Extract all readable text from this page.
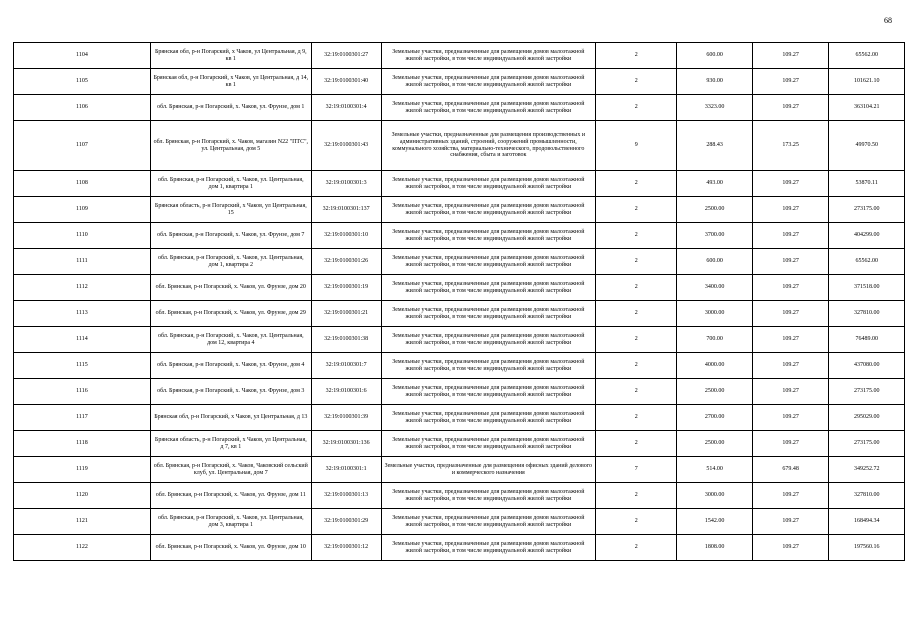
68
1104	Брянская обл, р-н Погарский, х Чаков, ул Центральная, д 9, кв 1	32:19:0100301:27	Земельные участки, предназначенные для размещения домов малоэтажной жилой застройки, в том числе индивидуальной жилой застройки	2	600.00	109.27	65562.00
1105	Брянская обл, р-н Погарский, х Чаков, ул Центральная, д 14, кв 1	32:19:0100301:40	Земельные участки, предназначенные для размещения домов малоэтажной жилой застройки, в том числе индивидуальной жилой застройки	2	930.00	109.27	101621.10
1106	обл. Брянская, р-н Погарский, х. Чаков, ул. Фрунзе, дом 1	32:19:0100301:4	Земельные участки, предназначенные для размещения домов малоэтажной жилой застройки, в том числе индивидуальной жилой застройки	2	3323.00	109.27	363104.21
1107	обл. Брянская, р-н Погарский, х. Чаков, магазин N22 "ПТС", ул. Центральная, дом 5	32:19:0100301:43	Земельные участки, предназначенные для размещения производственных и административных зданий, строений, сооружений промышленности, коммунального хозяйства, материально-технического, продовольственного снабжения, сбыта и заготовок	9	288.43	173.25	49970.50
1108	обл. Брянская, р-н Погарский, х. Чаков, ул. Центральная, дом 1, квартира 1	32:19:0100301:3	Земельные участки, предназначенные для размещения домов малоэтажной жилой застройки, в том числе индивидуальной жилой застройки	2	493.00	109.27	53870.11
1109	Брянская область, р-н Погарский, х Чаков, ул Центральная, 15	32:19:0100301:137	Земельные участки, предназначенные для размещения домов малоэтажной жилой застройки, в том числе индивидуальной жилой застройки	2	2500.00	109.27	273175.00
1110	обл. Брянская, р-н Погарский, х. Чаков, ул. Фрунзе, дом 7	32:19:0100301:10	Земельные участки, предназначенные для размещения домов малоэтажной жилой застройки, в том числе индивидуальной жилой застройки	2	3700.00	109.27	404299.00
1111	обл. Брянская, р-н Погарский, х. Чаков, ул. Центральная, дом 1, квартира 2	32:19:0100301:26	Земельные участки, предназначенные для размещения домов малоэтажной жилой застройки, в том числе индивидуальной жилой застройки	2	600.00	109.27	65562.00
1112	обл. Брянская, р-н Погарский, х. Чаков, ул. Фрунзе, дом 20	32:19:0100301:19	Земельные участки, предназначенные для размещения домов малоэтажной жилой застройки, в том числе индивидуальной жилой застройки	2	3400.00	109.27	371518.00
1113	обл. Брянская, р-н Погарский, х. Чаков, ул. Фрунзе, дом 29	32:19:0100301:21	Земельные участки, предназначенные для размещения домов малоэтажной жилой застройки, в том числе индивидуальной жилой застройки	2	3000.00	109.27	327810.00
1114	обл. Брянская, р-н Погарский, х. Чаков, ул. Центральная, дом 12, квартира 4	32:19:0100301:38	Земельные участки, предназначенные для размещения домов малоэтажной жилой застройки, в том числе индивидуальной жилой застройки	2	700.00	109.27	76489.00
1115	обл. Брянская, р-н Погарский, х. Чаков, ул. Фрунзе, дом 4	32:19:0100301:7	Земельные участки, предназначенные для размещения домов малоэтажной жилой застройки, в том числе индивидуальной жилой застройки	2	4000.00	109.27	437080.00
1116	обл. Брянская, р-н Погарский, х. Чаков, ул. Фрунзе, дом 3	32:19:0100301:6	Земельные участки, предназначенные для размещения домов малоэтажной жилой застройки, в том числе индивидуальной жилой застройки	2	2500.00	109.27	273175.00
1117	Брянская обл, р-н Погарский, х Чаков, ул Центральная, д 13	32:19:0100301:39	Земельные участки, предназначенные для размещения домов малоэтажной жилой застройки, в том числе индивидуальной жилой застройки	2	2700.00	109.27	295029.00
1118	Брянская область, р-н Погарский, х Чаков, ул Центральная, д 7, кв 1	32:19:0100301:136	Земельные участки, предназначенные для размещения домов малоэтажной жилой застройки, в том числе индивидуальной жилой застройки	2	2500.00	109.27	273175.00
1119	обл. Брянская, р-н Погарский, х. Чаков, Чаковский сельский клуб, ул. Центральная, дом 7	32:19:0100301:1	Земельные участки, предназначенные для размещения офисных зданий делового и коммерческого назначения	7	514.00	679.48	349252.72
1120	обл. Брянская, р-н Погарский, х. Чаков, ул. Фрунзе, дом 11	32:19:0100301:13	Земельные участки, предназначенные для размещения домов малоэтажной жилой застройки, в том числе индивидуальной жилой застройки	2	3000.00	109.27	327810.00
1121	обл. Брянская, р-н Погарский, х. Чаков, ул. Центральная, дом 3, квартира 1	32:19:0100301:29	Земельные участки, предназначенные для размещения домов малоэтажной жилой застройки, в том числе индивидуальной жилой застройки	2	1542.00	109.27	168494.34
1122	обл. Брянская, р-н Погарский, х. Чаков, ул. Фрунзе, дом 10	32:19:0100301:12	Земельные участки, предназначенные для размещения домов малоэтажной жилой застройки, в том числе индивидуальной жилой застройки	2	1808.00	109.27	197560.16
